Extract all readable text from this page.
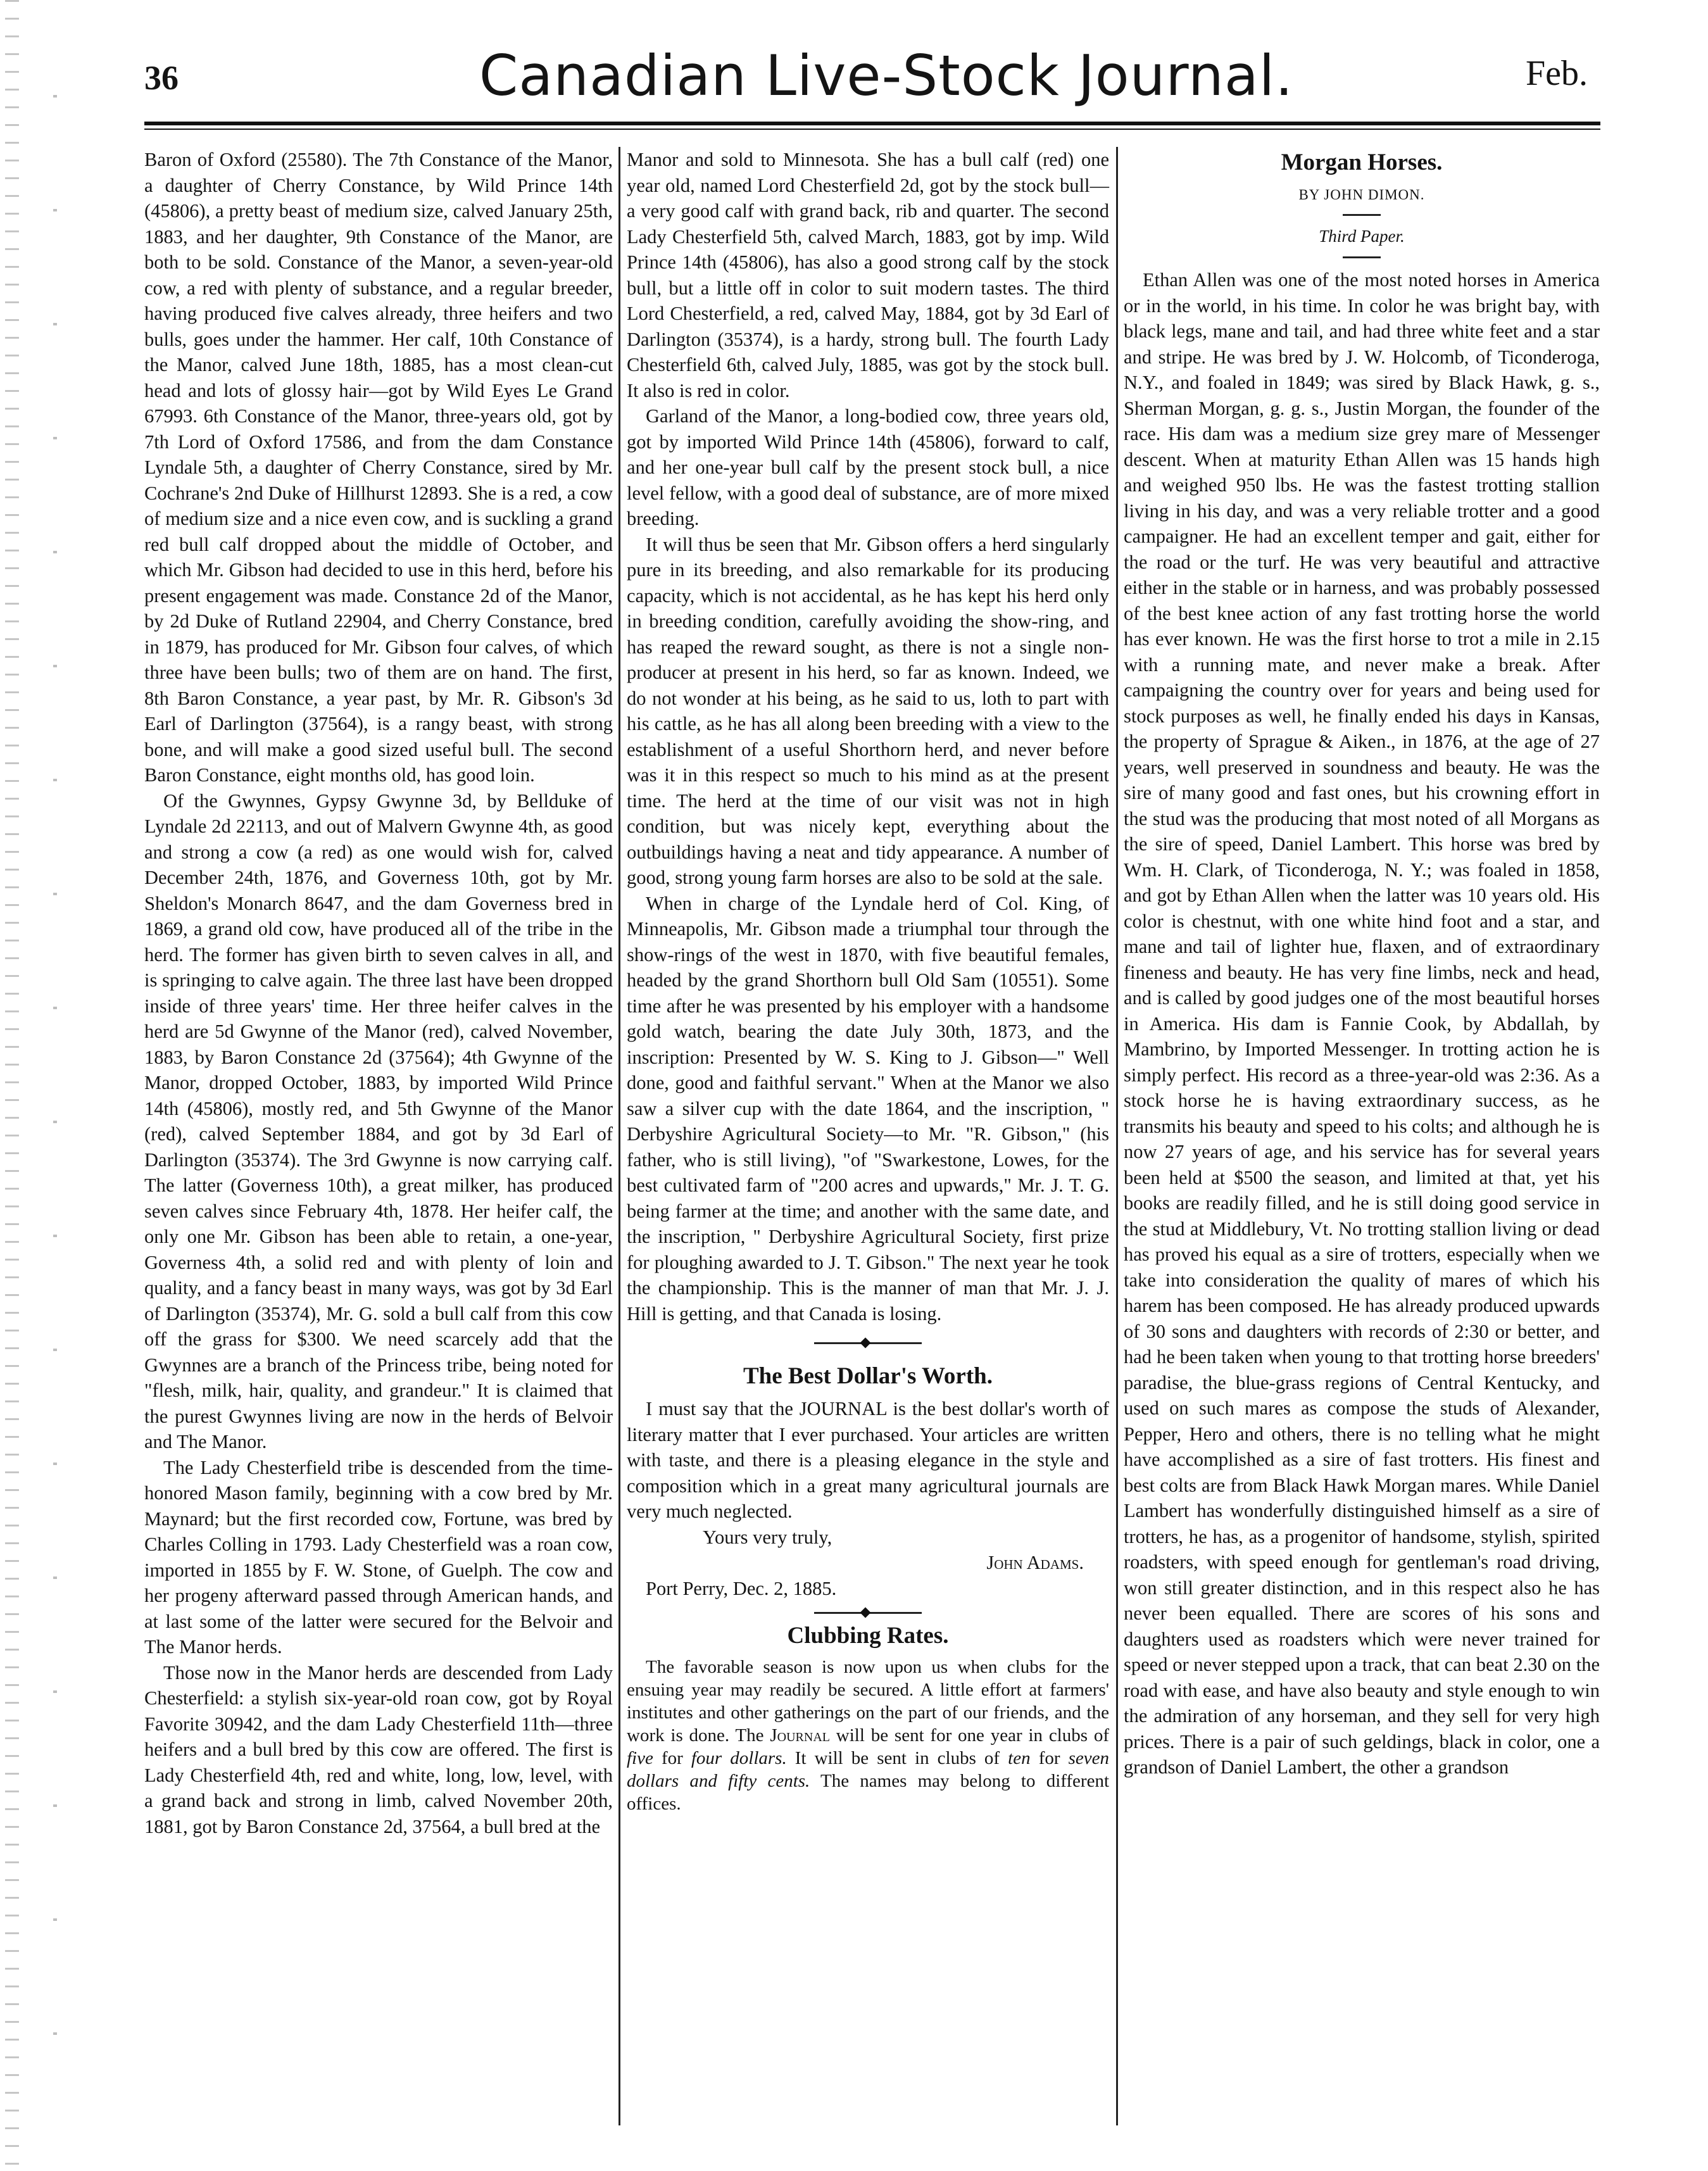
36	Canadian Live-Stock Journal.	Feb.

Baron of Oxford (25580). The 7th Constance of the Manor, a daughter of Cherry Constance, by Wild Prince 14th (45806), a pretty beast of medium size, calved January 25th, 1883, and her daughter, 9th Constance of the Manor, are both to be sold. Constance of the Manor, a seven-year-old cow, a red with plenty of substance, and a regular breeder, having produced five calves already, three heifers and two bulls, goes under the hammer. Her calf, 10th Constance of the Manor, calved June 18th, 1885, has a most clean-cut head and lots of glossy hair—got by Wild Eyes Le Grand 67993. 6th Constance of the Manor, three-years old, got by 7th Lord of Oxford 17586, and from the dam Constance Lyndale 5th, a daughter of Cherry Constance, sired by Mr. Cochrane's 2nd Duke of Hillhurst 12893. She is a red, a cow of medium size and a nice even cow, and is suckling a grand red bull calf dropped about the middle of October, and which Mr. Gibson had decided to use in this herd, before his present engagement was made. Constance 2d of the Manor, by 2d Duke of Rutland 22904, and Cherry Constance, bred in 1879, has produced for Mr. Gibson four calves, of which three have been bulls; two of them are on hand. The first, 8th Baron Constance, a year past, by Mr. R. Gibson's 3d Earl of Darlington (37564), is a rangy beast, with strong bone, and will make a good sized useful bull. The second Baron Constance, eight months old, has good loin.

Of the Gwynnes, Gypsy Gwynne 3d, by Bellduke of Lyndale 2d 22113, and out of Malvern Gwynne 4th, as good and strong a cow (a red) as one would wish for, calved December 24th, 1876, and Governess 10th, got by Mr. Sheldon's Monarch 8647, and the dam Governess bred in 1869, a grand old cow, have produced all of the tribe in the herd. The former has given birth to seven calves in all, and is springing to calve again. The three last have been dropped inside of three years' time. Her three heifer calves in the herd are 5d Gwynne of the Manor (red), calved November, 1883, by Baron Constance 2d (37564); 4th Gwynne of the Manor, dropped October, 1883, by imported Wild Prince 14th (45806), mostly red, and 5th Gwynne of the Manor (red), calved September 1884, and got by 3d Earl of Darlington (35374). The 3rd Gwynne is now carrying calf. The latter (Governess 10th), a great milker, has produced seven calves since February 4th, 1878. Her heifer calf, the only one Mr. Gibson has been able to retain, a one-year, Governess 4th, a solid red and with plenty of loin and quality, and a fancy beast in many ways, was got by 3d Earl of Darlington (35374), Mr. G. sold a bull calf from this cow off the grass for $300. We need scarcely add that the Gwynnes are a branch of the Princess tribe, being noted for "flesh, milk, hair, quality, and grandeur." It is claimed that the purest Gwynnes living are now in the herds of Belvoir and The Manor.

The Lady Chesterfield tribe is descended from the time-honored Mason family, beginning with a cow bred by Mr. Maynard; but the first recorded cow, Fortune, was bred by Charles Colling in 1793. Lady Chesterfield was a roan cow, imported in 1855 by F. W. Stone, of Guelph. The cow and her progeny afterward passed through American hands, and at last some of the latter were secured for the Belvoir and The Manor herds.

Those now in the Manor herds are descended from Lady Chesterfield: a stylish six-year-old roan cow, got by Royal Favorite 30942, and the dam Lady Chesterfield 11th—three heifers and a bull bred by this cow are offered. The first is Lady Chesterfield 4th, red and white, long, low, level, with a grand back and strong in limb, calved November 20th, 1881, got by Baron Constance 2d, 37564, a bull bred at the

Manor and sold to Minnesota. She has a bull calf (red) one year old, named Lord Chesterfield 2d, got by the stock bull—a very good calf with grand back, rib and quarter. The second Lady Chesterfield 5th, calved March, 1883, got by imp. Wild Prince 14th (45806), has also a good strong calf by the stock bull, but a little off in color to suit modern tastes. The third Lord Chesterfield, a red, calved May, 1884, got by 3d Earl of Darlington (35374), is a hardy, strong bull. The fourth Lady Chesterfield 6th, calved July, 1885, was got by the stock bull. It also is red in color.

Garland of the Manor, a long-bodied cow, three years old, got by imported Wild Prince 14th (45806), forward to calf, and her one-year bull calf by the present stock bull, a nice level fellow, with a good deal of substance, are of more mixed breeding.

It will thus be seen that Mr. Gibson offers a herd singularly pure in its breeding, and also remarkable for its producing capacity, which is not accidental, as he has kept his herd only in breeding condition, carefully avoiding the show-ring, and has reaped the reward sought, as there is not a single non-producer at present in his herd, so far as known. Indeed, we do not wonder at his being, as he said to us, loth to part with his cattle, as he has all along been breeding with a view to the establishment of a useful Shorthorn herd, and never before was it in this respect so much to his mind as at the present time. The herd at the time of our visit was not in high condition, but was nicely kept, everything about the outbuildings having a neat and tidy appearance. A number of good, strong young farm horses are also to be sold at the sale.

When in charge of the Lyndale herd of Col. King, of Minneapolis, Mr. Gibson made a triumphal tour through the show-rings of the west in 1870, with five beautiful females, headed by the grand Shorthorn bull Old Sam (10551). Some time after he was presented by his employer with a handsome gold watch, bearing the date July 30th, 1873, and the inscription: Presented by W. S. King to J. Gibson—" Well done, good and faithful servant." When at the Manor we also saw a silver cup with the date 1864, and the inscription, " Derbyshire Agricultural Society—to Mr. "R. Gibson," (his father, who is still living), "of "Swarkestone, Lowes, for the best cultivated farm of "200 acres and upwards," Mr. J. T. G. being farmer at the time; and another with the same date, and the inscription, " Derbyshire Agricultural Society, first prize for ploughing awarded to J. T. Gibson." The next year he took the championship. This is the manner of man that Mr. J. J. Hill is getting, and that Canada is losing.

The Best Dollar's Worth.

I must say that the JOURNAL is the best dollar's worth of literary matter that I ever purchased. Your articles are written with taste, and there is a pleasing elegance in the style and composition which in a great many agricultural journals are very much neglected.

Yours very truly,
John Adams.
Port Perry, Dec. 2, 1885.
Clubbing Rates.

The favorable season is now upon us when clubs for the ensuing year may readily be secured. A little effort at farmers' institutes and other gatherings on the part of our friends, and the work is done. The Journal will be sent for one year in clubs of five for four dollars. It will be sent in clubs of ten for seven dollars and fifty cents. The names may belong to different offices.

Morgan Horses.
BY JOHN DIMON.
Third Paper.

Ethan Allen was one of the most noted horses in America or in the world, in his time. In color he was bright bay, with black legs, mane and tail, and had three white feet and a star and stripe. He was bred by J. W. Holcomb, of Ticonderoga, N.Y., and foaled in 1849; was sired by Black Hawk, g. s., Sherman Morgan, g. g. s., Justin Morgan, the founder of the race. His dam was a medium size grey mare of Messenger descent. When at maturity Ethan Allen was 15 hands high and weighed 950 lbs. He was the fastest trotting stallion living in his day, and was a very reliable trotter and a good campaigner. He had an excellent temper and gait, either for the road or the turf. He was very beautiful and attractive either in the stable or in harness, and was probably possessed of the best knee action of any fast trotting horse the world has ever known. He was the first horse to trot a mile in 2.15 with a running mate, and never make a break. After campaigning the country over for years and being used for stock purposes as well, he finally ended his days in Kansas, the property of Sprague & Aiken., in 1876, at the age of 27 years, well preserved in soundness and beauty. He was the sire of many good and fast ones, but his crowning effort in the stud was the producing that most noted of all Morgans as the sire of speed, Daniel Lambert. This horse was bred by Wm. H. Clark, of Ticonderoga, N. Y.; was foaled in 1858, and got by Ethan Allen when the latter was 10 years old. His color is chestnut, with one white hind foot and a star, and mane and tail of lighter hue, flaxen, and of extraordinary fineness and beauty. He has very fine limbs, neck and head, and is called by good judges one of the most beautiful horses in America. His dam is Fannie Cook, by Abdallah, by Mambrino, by Imported Messenger. In trotting action he is simply perfect. His record as a three-year-old was 2:36. As a stock horse he is having extraordinary success, as he transmits his beauty and speed to his colts; and although he is now 27 years of age, and his service has for several years been held at $500 the season, and limited at that, yet his books are readily filled, and he is still doing good service in the stud at Middlebury, Vt. No trotting stallion living or dead has proved his equal as a sire of trotters, especially when we take into consideration the quality of mares of which his harem has been composed. He has already produced upwards of 30 sons and daughters with records of 2:30 or better, and had he been taken when young to that trotting horse breeders' paradise, the blue-grass regions of Central Kentucky, and used on such mares as compose the studs of Alexander, Pepper, Hero and others, there is no telling what he might have accomplished as a sire of fast trotters. His finest and best colts are from Black Hawk Morgan mares. While Daniel Lambert has wonderfully distinguished himself as a sire of trotters, he has, as a progenitor of handsome, stylish, spirited roadsters, with speed enough for gentleman's road driving, won still greater distinction, and in this respect also he has never been equalled. There are scores of his sons and daughters used as roadsters which were never trained for speed or never stepped upon a track, that can beat 2.30 on the road with ease, and have also beauty and style enough to win the admiration of any horseman, and they sell for very high prices. There is a pair of such geldings, black in color, one a grandson of Daniel Lambert, the other a grandson
